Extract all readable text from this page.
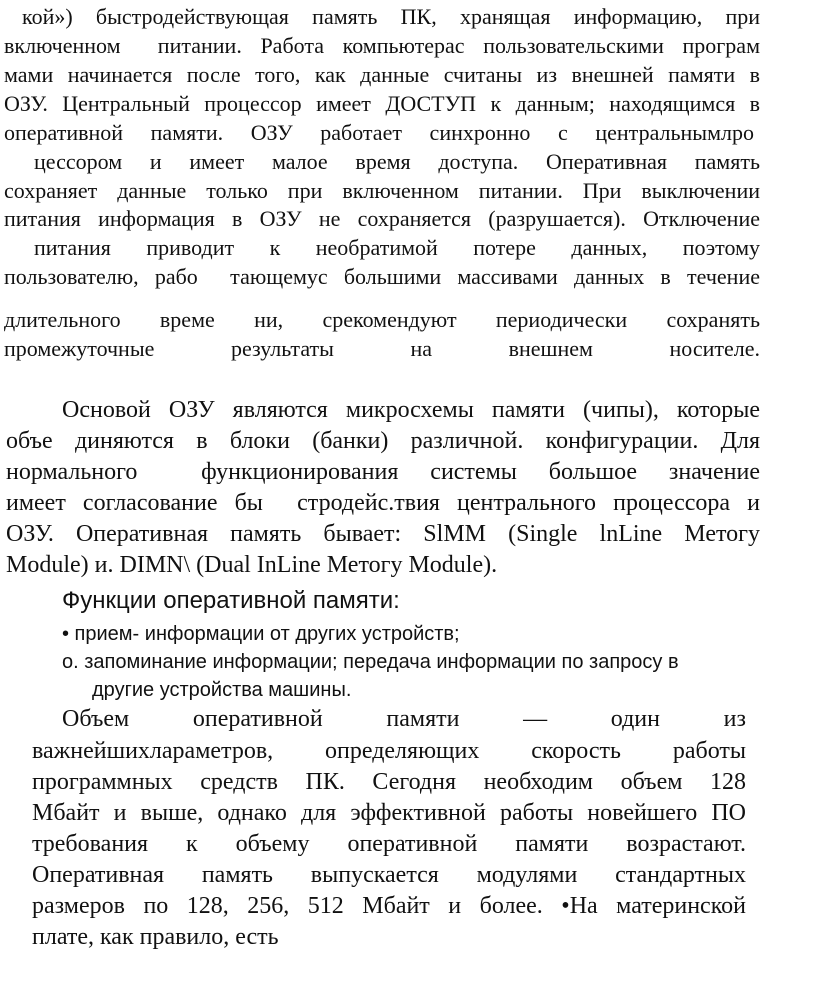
кой»)  быстродействующая  память  ПК,  хранящая  информацию,  при
включенном  питании. Работа компьютерас пользовательскими програм
мами начинается после того, как данные считаны из внешней памяти в
ОЗУ. Центральный процессор имеет ДОСТУП к данным; находящимся в
оперативной   памяти.   ОЗУ   работает   синхронно   с   центральнымлро
цессором  и  имеет  малое  время  доступа.  Оперативная  память
сохраняет данные только при включенном питании. При выключении
питания информация в ОЗУ не сохраняется (разрушается). Отключение
питания  приводит  к  необратимой  потере  данных,  поэтому
пользователю, рабо  тающемус большими массивами данных в течение
длительного  време  ни,  срекомендуют  периодически  сохранять
промежуточные  результаты  на  внешнем  носителе.
Основой ОЗУ являются микросхемы памяти (чипы), которые
объе диняются в блоки (банки) различной. конфигурации. Для
нормального  функционирования системы большое значение
имеет согласование бы  стродейс.твия центрального процессора и
ОЗУ. Оперативная память бывает: SlMM (Single lnLine Метогу
Module) и. DIMN\ (Dual InLine Метогу Module).
Функции оперативной памяти:
• прием- информации от других устройств;
о. запоминание информации; передача информации по запросу в
другие устройства машины.
Объем  оперативной  памяти  —  один  из
важнейшихлараметров, определяющих скорость работы
программных средств ПК. Сегодня необходим объем 128
Мбайт и выше, однако для эффективной работы новейшего ПО
требования к объему оперативной памяти возрастают.
Оперативная память выпускается модулями стандартных
размеров по 128, 256, 512 Мбайт и более. •На материнской
плате, как правило, есть
